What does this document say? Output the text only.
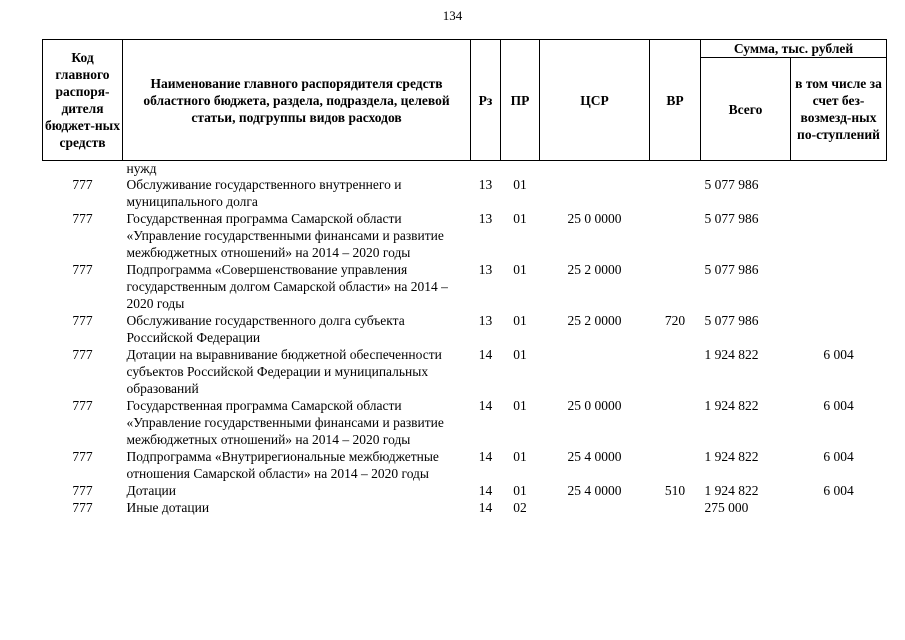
134
Код главного распоря-дителя бюджет-ных средств	Наименование главного распорядителя средств областного бюджета, раздела, подраздела, целевой статьи, подгруппы видов расходов	Рз	ПР	ЦСР	ВР	Сумма, тыс. рублей	
						Всего	в том числе за счет без-возмезд-ных по-ступлений
	нужд						
777	Обслуживание государственного внутреннего и муниципального долга	13	01			5 077 986	
777	Государственная программа Самарской области «Управление государственными финансами и развитие межбюджетных отношений» на 2014 – 2020 годы	13	01	25 0 0000		5 077 986	
777	Подпрограмма «Совершенствование управления государственным долгом Самарской области» на 2014 – 2020 годы	13	01	25 2 0000		5 077 986	
777	Обслуживание государственного долга субъекта Российской Федерации	13	01	25 2 0000	720	5 077 986	
777	Дотации на выравнивание бюджетной обеспеченности субъектов Российской Федерации и муниципальных образований	14	01			1 924 822	6 004
777	Государственная программа Самарской области «Управление государственными финансами и развитие межбюджетных отношений» на 2014 – 2020 годы	14	01	25 0 0000		1 924 822	6 004
777	Подпрограмма «Внутрирегиональные межбюджетные отношения Самарской области» на 2014 – 2020 годы	14	01	25 4 0000		1 924 822	6 004
777	Дотации	14	01	25 4 0000	510	1 924 822	6 004
777	Иные дотации	14	02			275 000	
